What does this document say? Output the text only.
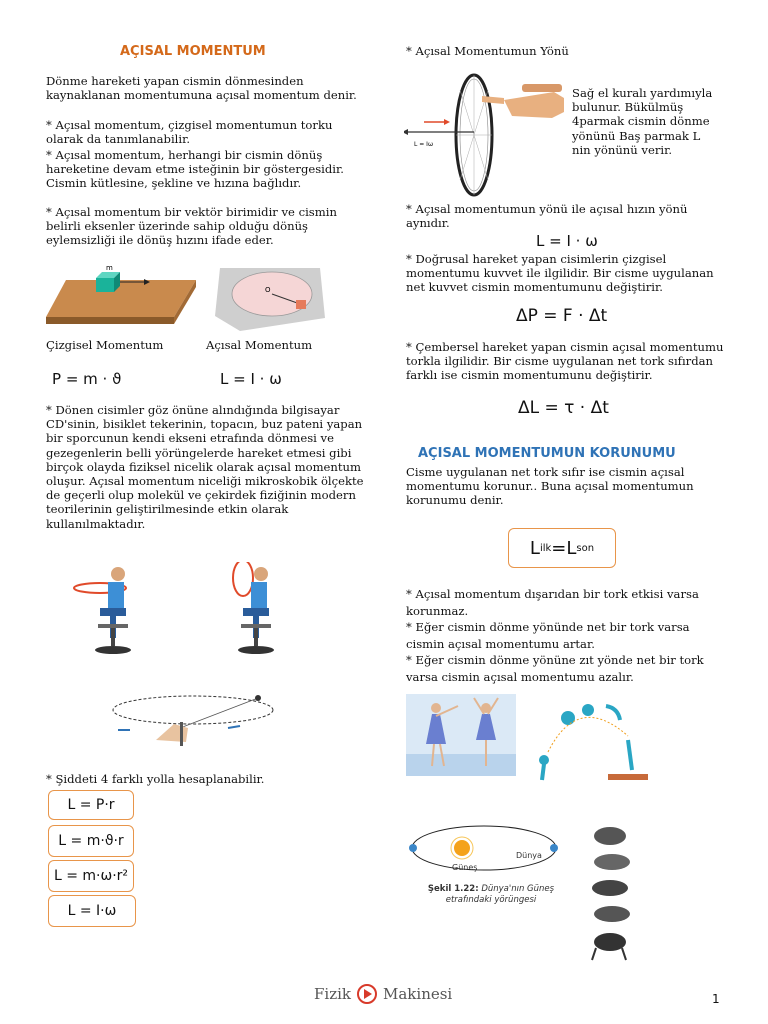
AÇISAL MOMENTUM

Dönme hareketi yapan cismin dönmesinden kaynaklanan momentumuna açısal momentum denir.

* Açısal momentum, çizgisel momentumun torku olarak da tanımlanabilir.

* Açısal momentum, herhangi bir cismin dönüş hareketine devam etme isteğinin bir göstergesidir. Cismin kütlesine, şekline ve hızına bağlıdır.

* Açısal momentum bir vektör birimidir ve cismin belirli eksenler üzerinde sahip olduğu dönüş eylemsizliği ile dönüş hızını ifade eder.

m
O
Çizgisel Momentum	Açısal Momentum
P = m · ϑ	L = I · ω

* Dönen cisimler göz önüne alındığında bilgisayar CD'sinin, bisiklet tekerinin, topacın, buz pateni yapan bir sporcunun kendi ekseni etrafında dönmesi ve gezegenlerin belli yörüngelerde hareket etmesi gibi birçok olayda fiziksel nicelik olarak açısal momentum oluşur. Açısal momentum niceliği mikroskobik ölçekte de geçerli olup molekül ve çekirdek fiziğinin modern teorilerinin geliştirilmesinde etkin olarak kullanılmaktadır.

* Şiddeti 4 farklı yolla hesaplanabilir.
L = P·r
L = m·ϑ·r
L = m·ω·r²
L = I·ω
* Açısal Momentumun Yönü
L = Iω

Sağ el kuralı yardımıyla bulunur. Bükülmüş 4parmak cismin dönme yönünü Baş parmak L nin yönünü verir.

* Açısal momentumun yönü ile açısal hızın yönü aynıdır.

L = I · ω

* Doğrusal hareket yapan cisimlerin çizgisel momentumu kuvvet ile ilgilidir. Bir cisme uygulanan net kuvvet cismin momentumunu değiştirir.

ΔP = F · Δt

* Çembersel hareket yapan cismin açısal momentumu torkla ilgilidir. Bir cisme uygulanan net tork sıfırdan farklı ise cismin momentumunu değiştirir.

ΔL = τ · Δt
AÇISAL MOMENTUMUN KORUNUMU

Cisme uygulanan net tork sıfır ise cismin açısal momentumu korunur.. Buna açısal momentumun korunumu denir.

L ilk = L son

* Açısal momentum dışarıdan bir tork etkisi varsa korunmaz.

* Eğer cismin dönme yönünde net bir tork varsa cismin açısal momentumu artar.

* Eğer cismin dönme yönüne zıt yönde net bir tork varsa cismin açısal momentumu azalır.

Güneş
Dünya
Şekil 1.22: Dünya'nın Güneş etrafındaki yörüngesi
Fizik Makinesi	1
